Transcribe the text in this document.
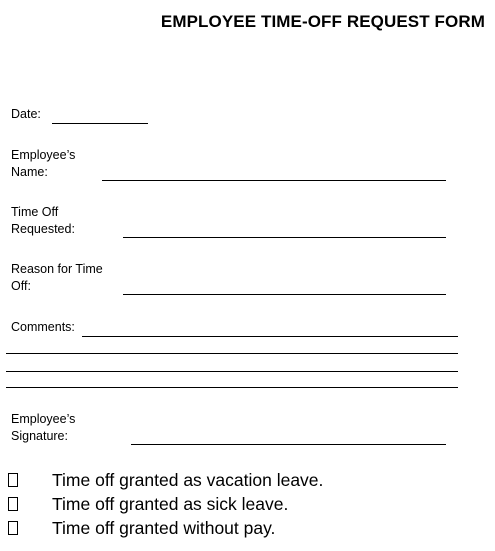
EMPLOYEE TIME-OFF REQUEST FORM
Date:
Employee’s
Name:
Time Off
Requested:
Reason for Time
Off:
Comments:
Employee’s
Signature:
Time off granted as vacation leave.
Time off granted as sick leave.
Time off granted without pay.
